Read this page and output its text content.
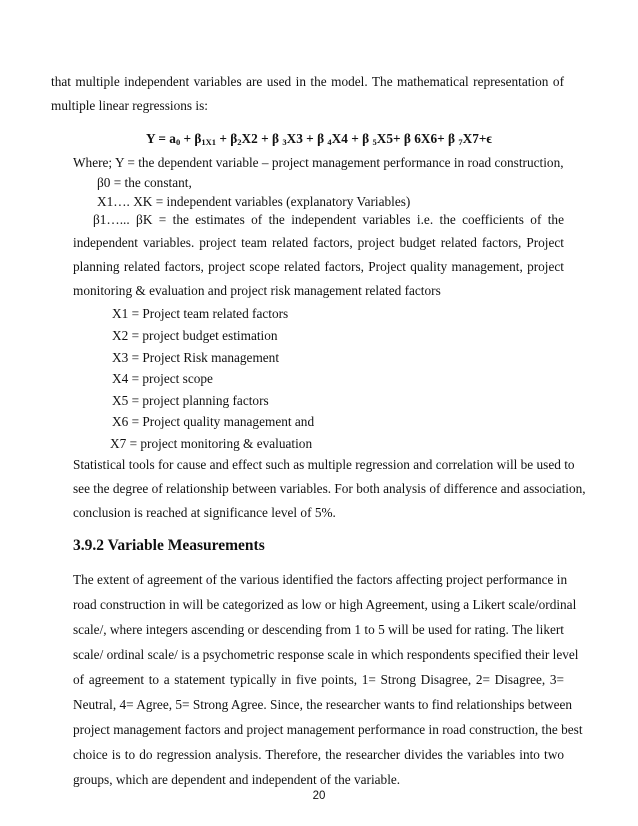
that multiple independent variables are used in the model. The mathematical representation of
multiple linear regressions is:
$Y = a_0 + \beta_{1X1} + \beta_2X2 + \beta$ $_3$X3 + β $_4$X4 + β $_5$X5+ β 6X6+ β $_7$X7+ϵ
Where; Y = the dependent variable – project management performance in road construction,
β0 = the constant,
X1…. XK = independent variables (explanatory Variables)
β1…... βK = the estimates of the independent variables i.e. the coefficients of the
independent variables. project team related factors, project budget related factors, Project
planning related factors, project scope related factors, Project quality management, project
monitoring & evaluation and project risk management related factors
X1 = Project team related factors
X2 = project budget estimation
X3 = Project Risk management
X4 = project scope
X5 = project planning factors
X6 = Project quality management and
X7 = project monitoring & evaluation
Statistical tools for cause and effect such as multiple regression and correlation will be used to
see the degree of relationship between variables. For both analysis of difference and association,
conclusion is reached at significance level of 5%.
3.9.2 Variable Measurements
The extent of agreement of the various identified the factors affecting project performance in
road construction in will be categorized as low or high Agreement, using a Likert scale/ordinal
scale/, where integers ascending or descending from 1 to 5 will be used for rating. The likert
scale/ ordinal scale/ is a psychometric response scale in which respondents specified their level
of agreement to a statement typically in five points, 1= Strong Disagree, 2= Disagree, 3=
Neutral, 4= Agree, 5= Strong Agree. Since, the researcher wants to find relationships between
project management factors and project management performance in road construction, the best
choice is to do regression analysis. Therefore, the researcher divides the variables into two
groups, which are dependent and independent of the variable.
20
